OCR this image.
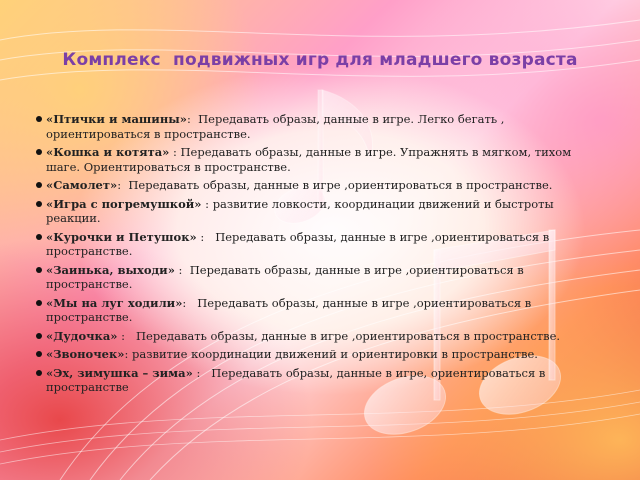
Комплекс  подвижных игр для младшего возраста
«Птички и машины»:  Передавать образы, данные в игре. Легко бегать , ориентироваться в пространстве.
«Кошка и котята» : Передавать образы, данные в игре. Упражнять в мягком, тихом шаге. Ориентироваться в пространстве.
«Самолет»:  Передавать образы, данные в игре ,ориентироваться в пространстве.
«Игра с погремушкой» : развитие ловкости, координации движений и быстроты реакции.
«Курочки и Петушок» :   Передавать образы, данные в игре ,ориентироваться в пространстве.
«Заинька, выходи» :  Передавать образы, данные в игре ,ориентироваться в пространстве.
«Мы на луг ходили»:   Передавать образы, данные в игре ,ориентироваться в пространстве.
«Дудочка» :   Передавать образы, данные в игре ,ориентироваться в пространстве.
«Звоночек»: развитие координации движений и ориентировки в пространстве.
«Эх, зимушка – зима» :   Передавать образы, данные в игре, ориентироваться в пространстве
